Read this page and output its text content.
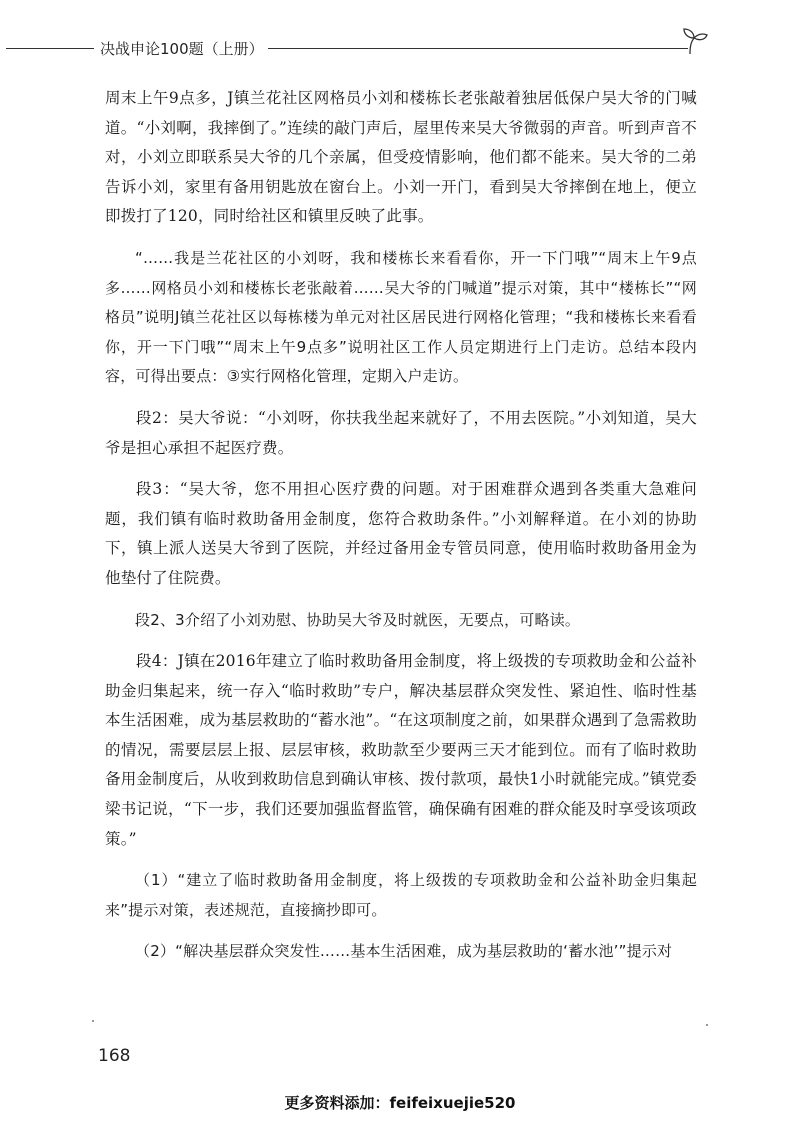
决战申论100题（上册）

周末上午9点多，J镇兰花社区网格员小刘和楼栋长老张敲着独居低保户吴大爷的门喊道。“小刘啊，我摔倒了。”连续的敲门声后，屋里传来吴大爷微弱的声音。听到声音不对，小刘立即联系吴大爷的几个亲属，但受疫情影响，他们都不能来。吴大爷的二弟告诉小刘，家里有备用钥匙放在窗台上。小刘一开门，看到吴大爷摔倒在地上，便立即拨打了120，同时给社区和镇里反映了此事。

“……我是兰花社区的小刘呀，我和楼栋长来看看你，开一下门哦”“周末上午9点多……网格员小刘和楼栋长老张敲着……吴大爷的门喊道”提示对策，其中“楼栋长”“网格员”说明J镇兰花社区以每栋楼为单元对社区居民进行网格化管理；“我和楼栋长来看看你，开一下门哦”“周末上午9点多”说明社区工作人员定期进行上门走访。总结本段内容，可得出要点：③实行网格化管理，定期入户走访。

段2：吴大爷说：“小刘呀，你扶我坐起来就好了，不用去医院。”小刘知道，吴大爷是担心承担不起医疗费。

段3：“吴大爷，您不用担心医疗费的问题。对于困难群众遇到各类重大急难问题，我们镇有临时救助备用金制度，您符合救助条件。”小刘解释道。在小刘的协助下，镇上派人送吴大爷到了医院，并经过备用金专管员同意，使用临时救助备用金为他垫付了住院费。

段2、3介绍了小刘劝慰、协助吴大爷及时就医，无要点，可略读。

段4：J镇在2016年建立了临时救助备用金制度，将上级拨的专项救助金和公益补助金归集起来，统一存入“临时救助”专户，解决基层群众突发性、紧迫性、临时性基本生活困难，成为基层救助的“蓄水池”。“在这项制度之前，如果群众遇到了急需救助的情况，需要层层上报、层层审核，救助款至少要两三天才能到位。而有了临时救助备用金制度后，从收到救助信息到确认审核、拨付款项，最快1小时就能完成。”镇党委梁书记说，“下一步，我们还要加强监督监管，确保确有困难的群众能及时享受该项政策。”

（1）“建立了临时救助备用金制度，将上级拨的专项救助金和公益补助金归集起来”提示对策，表述规范，直接摘抄即可。

（2）“解决基层群众突发性……基本生活困难，成为基层救助的‘蓄水池’”提示对

168
更多资料添加：feifeixuejie520
